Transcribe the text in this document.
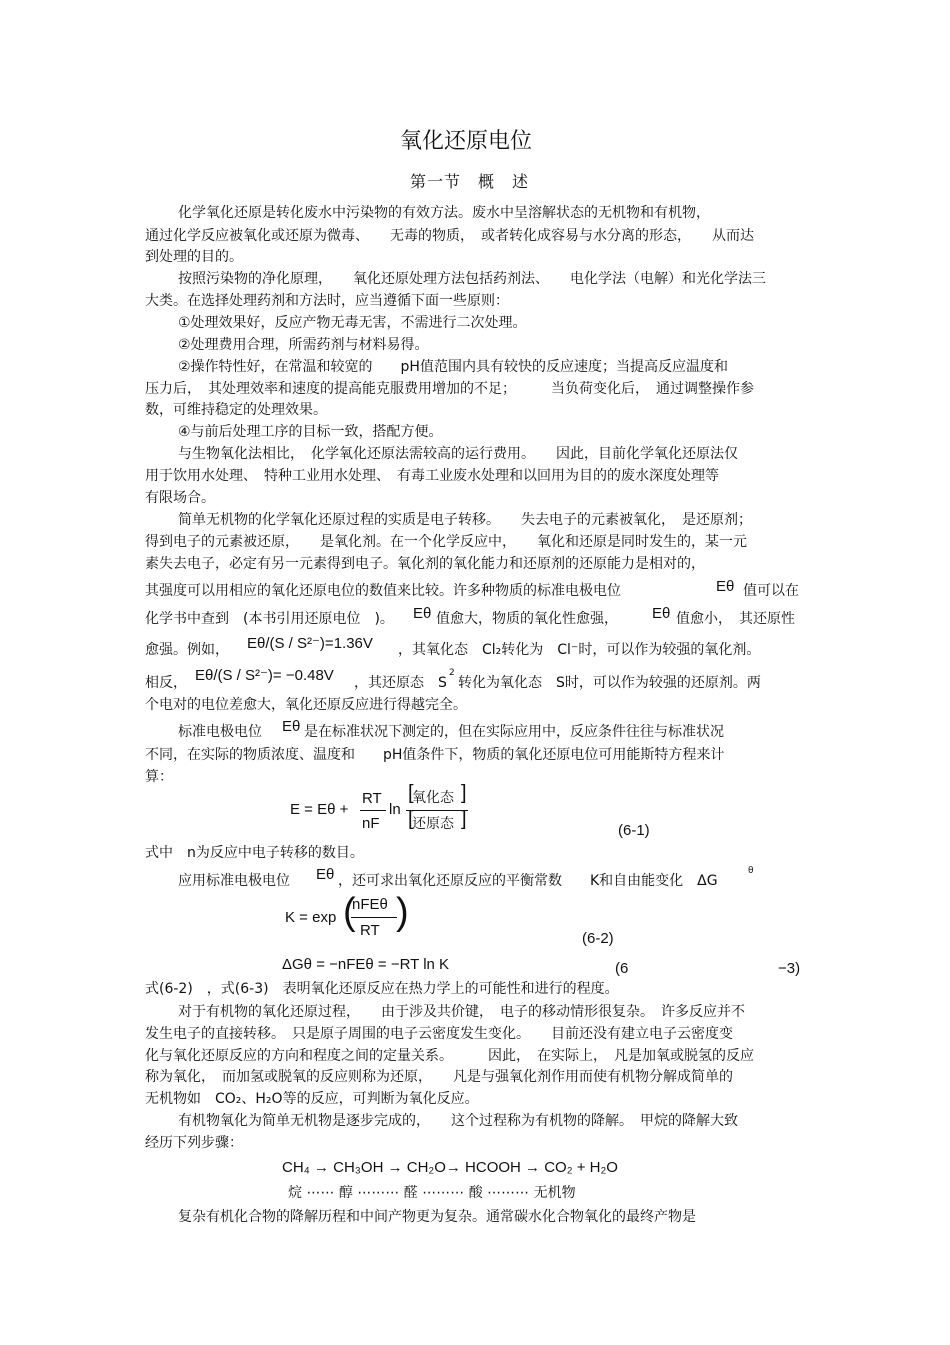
氧化还原电位
第一节　概　述
化学氧化还原是转化废水中污染物的有效方法。废水中呈溶解状态的无机物和有机物，
通过化学反应被氧化或还原为微毒、　　无毒的物质，　或者转化成容易与水分离的形态，　　从而达
到处理的目的。
按照污染物的净化原理，　　氧化还原处理方法包括药剂法、　　电化学法（电解）和光化学法三
大类。在选择处理药剂和方法时，应当遵循下面一些原则：
①处理效果好，反应产物无毒无害，不需进行二次处理。
②处理费用合理，所需药剂与材料易得。
②操作特性好，在常温和较宽的　　pH值范围内具有较快的反应速度；当提高反应温度和
压力后，　其处理效率和速度的提高能克服费用增加的不足；　　　当负荷变化后，　通过调整操作参
数，可维持稳定的处理效果。
④与前后处理工序的目标一致，搭配方便。
与生物氧化法相比，　化学氧化还原法需较高的运行费用。　　因此，目前化学氧化还原法仅
用于饮用水处理、　特种工业用水处理、　有毒工业废水处理和以回用为目的的废水深度处理等
有限场合。
简单无机物的化学氧化还原过程的实质是电子转移。　　失去电子的元素被氧化，　是还原剂；
得到电子的元素被还原，　　是氧化剂。在一个化学反应中，　　氧化和还原是同时发生的，某一元
素失去电子，必定有另一元素得到电子。氧化剂的氧化能力和还原剂的还原能力是相对的，
其强度可以用相应的氧化还原电位的数值来比较。许多种物质的标准电极电位	Eθ 值可以在
化学书中查到　(本书引用还原电位　)。 Eθ 值愈大，物质的氧化性愈强， Eθ 值愈小，　其还原性
愈强。例如， Eθ/(S / S²⁻)=1.36V ，其氧化态　Cl₂转化为　Cl⁻时，可以作为较强的氧化剂。
相反， Eθ/(S / S²⁻)= −0.48V ，其还原态　S
2
转化为氧化态　S时，可以作为较强的还原剂。两
个电对的电位差愈大，氧化还原反应进行得越完全。
标准电极电位 Eθ 是在标准状况下测定的，但在实际应用中，反应条件往往与标准状况
不同，在实际的物质浓度、温度和　　pH值条件下，物质的氧化还原电位可用能斯特方程来计
算：
E = Eθ +
RT
nF
ln
[
氧化态 ]
[
还原态 ]
(6-1)
式中　n为反应中电子转移的数目。
应用标准电极电位 Eθ ，还可求出氧化还原反应的平衡常数　　K和自由能变化　ΔG
θ
K = exp (
nFEθ
RT )
(6-2)
ΔGθ = −nFEθ = −RT ln K	(6	−3)
式(6-2)　，式(6-3)　表明氧化还原反应在热力学上的可能性和进行的程度。
对于有机物的氧化还原过程，　　由于涉及共价键，　电子的移动情形很复杂。　许多反应并不
发生电子的直接转移。　只是原子周围的电子云密度发生变化。　　目前还没有建立电子云密度变
化与氧化还原反应的方向和程度之间的定量关系。　　　因此，　在实际上，　凡是加氧或脱氢的反应
称为氧化，　而加氢或脱氧的反应则称为还原，　　凡是与强氧化剂作用而使有机物分解成简单的
无机物如　CO₂、H₂O等的反应，可判断为氧化反应。
有机物氧化为简单无机物是逐步完成的，　　这个过程称为有机物的降解。　甲烷的降解大致
经历下列步骤：
CH₄ → CH₃OH → CH₂O→ HCOOH → CO₂ + H₂O
烷 ⋯⋯ 醇 ⋯⋯⋯ 醛 ⋯⋯⋯ 酸 ⋯⋯⋯ 无机物
复杂有机化合物的降解历程和中间产物更为复杂。通常碳水化合物氧化的最终产物是
